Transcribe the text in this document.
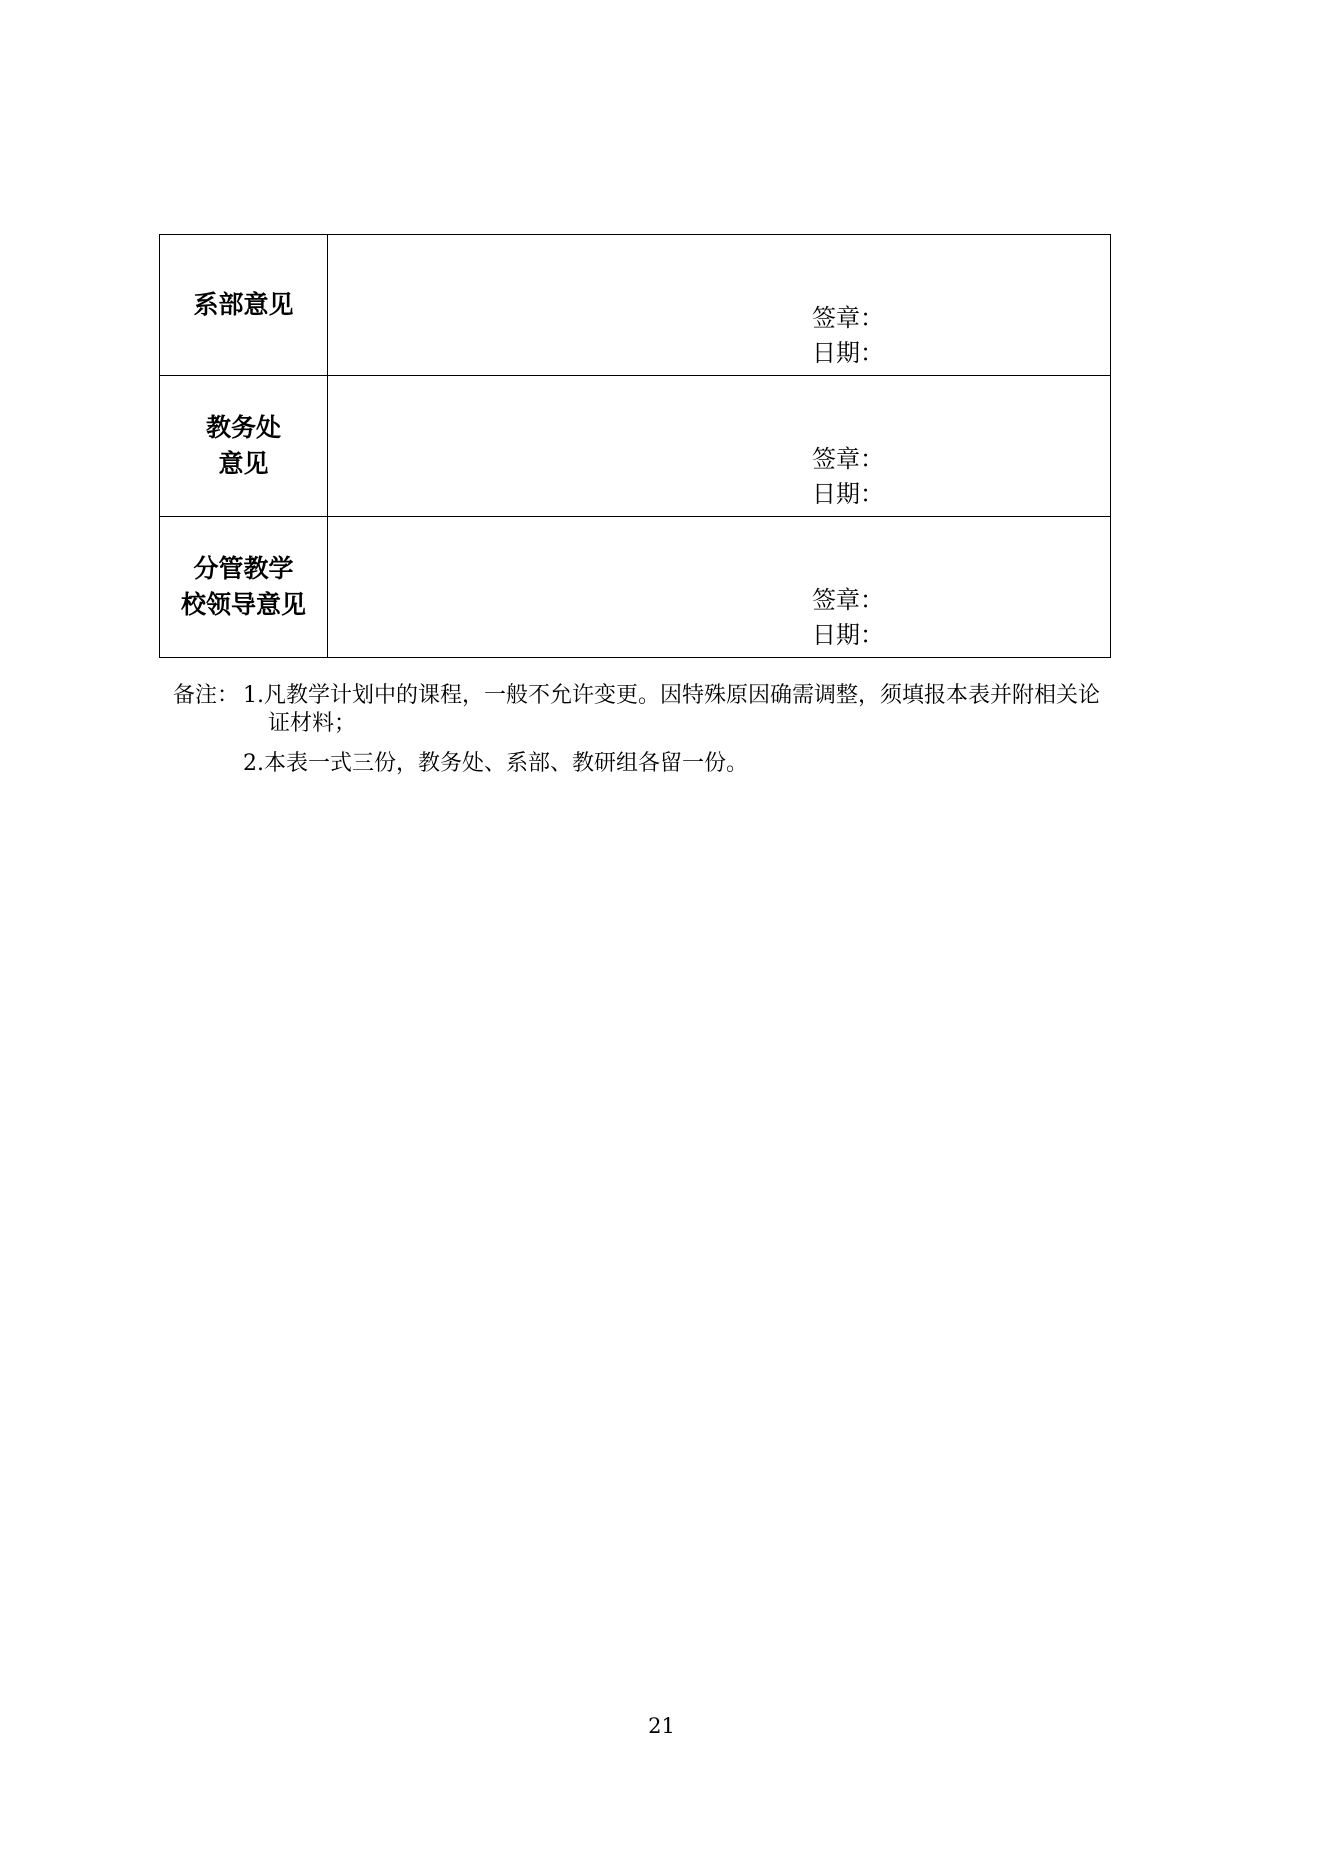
系部意见	签章：
日期：

教务处
意见	签章：
日期：

分管教学
校领导意见	签章：
日期：
备注： 1.凡教学计划中的课程，一般不允许变更。因特殊原因确需调整，须填报本表并附相关论
证材料；
2.本表一式三份，教务处、系部、教研组各留一份。
21
